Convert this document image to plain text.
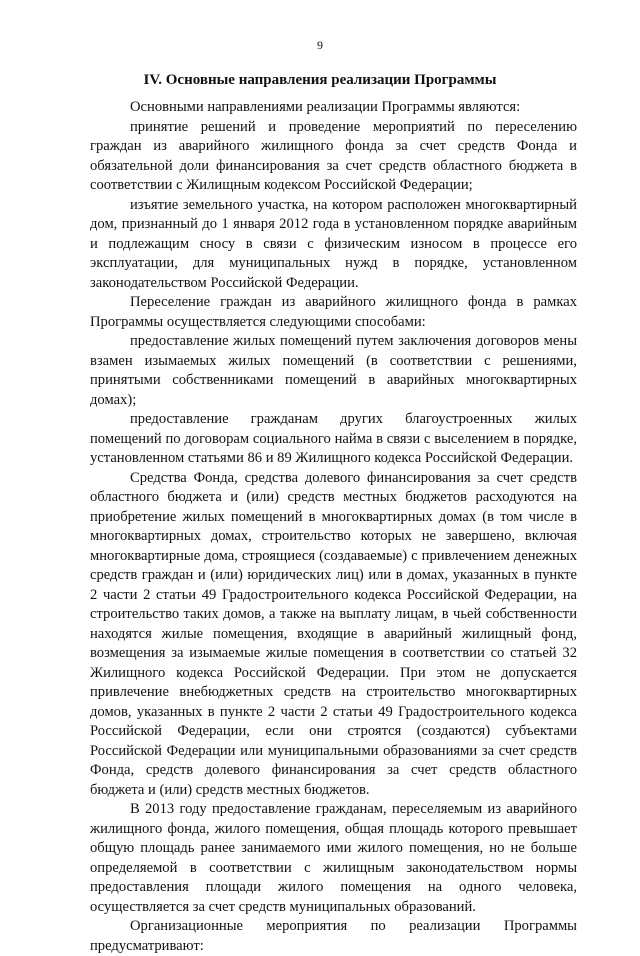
9
IV. Основные направления реализации Программы

Основными направлениями реализации Программы являются:

принятие решений и проведение мероприятий по переселению граждан из аварийного жилищного фонда за счет средств Фонда и обязательной доли финансирования за счет средств областного бюджета в соответствии с Жилищным кодексом Российской Федерации;

изъятие земельного участка, на котором расположен многоквартирный дом, признанный до 1 января 2012 года в установленном порядке аварийным и подлежащим сносу в связи с физическим износом в процессе его эксплуатации, для муниципальных нужд в порядке, установленном законодательством Российской Федерации.

Переселение граждан из аварийного жилищного фонда в рамках Программы осуществляется следующими способами:

предоставление жилых помещений путем заключения договоров мены взамен изымаемых жилых помещений (в соответствии с решениями, принятыми собственниками помещений в аварийных многоквартирных домах);

предоставление гражданам других благоустроенных жилых помещений по договорам социального найма в связи с выселением в порядке, установленном статьями 86 и 89 Жилищного кодекса Российской Федерации.

Средства Фонда, средства долевого финансирования за счет средств областного бюджета и (или) средств местных бюджетов расходуются на приобретение жилых помещений в многоквартирных домах (в том числе в многоквартирных домах, строительство которых не завершено, включая многоквартирные дома, строящиеся (создаваемые) с привлечением денежных средств граждан и (или) юридических лиц) или в домах, указанных в пункте 2 части 2 статьи 49 Градостроительного кодекса Российской Федерации, на строительство таких домов, а также на выплату лицам, в чьей собственности находятся жилые помещения, входящие в аварийный жилищный фонд, возмещения за изымаемые жилые помещения в соответствии со статьей 32 Жилищного кодекса Российской Федерации. При этом не допускается привлечение внебюджетных средств на строительство многоквартирных домов, указанных в пункте 2 части 2 статьи 49 Градостроительного кодекса Российской Федерации, если они строятся (создаются) субъектами Российской Федерации или муниципальными образованиями за счет средств Фонда, средств долевого финансирования за счет средств областного бюджета и (или) средств местных бюджетов.

В 2013 году предоставление гражданам, переселяемым из аварийного жилищного фонда, жилого помещения, общая площадь которого превышает общую площадь ранее занимаемого ими жилого помещения, но не больше определяемой в соответствии с жилищным законодательством нормы предоставления площади жилого помещения на одного человека, осуществляется за счет средств муниципальных образований.

Организационные мероприятия по реализации Программы предусматривают:
